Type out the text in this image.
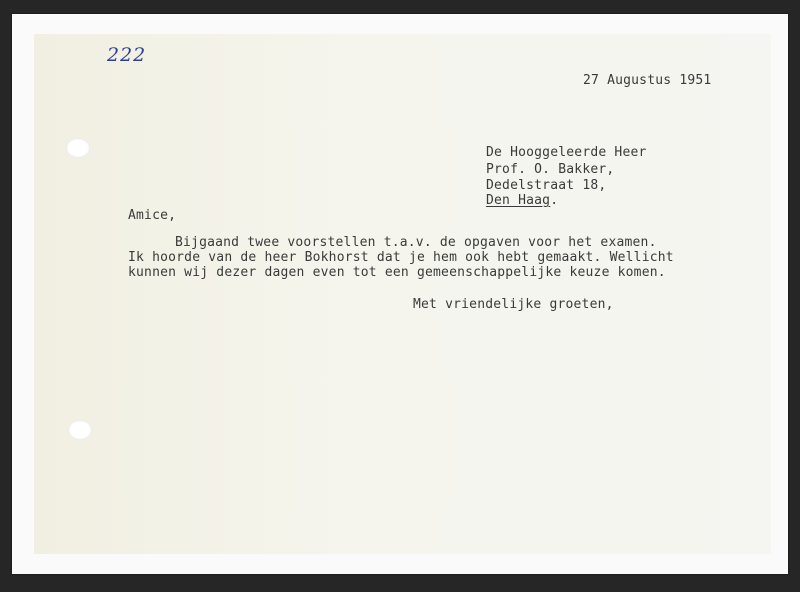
222
27 Augustus 1951
De Hooggeleerde Heer
Prof. O. Bakker,
Dedelstraat 18,
Den Haag.
Amice,
Bijgaand twee voorstellen t.a.v. de opgaven voor het examen.
Ik hoorde van de heer Bokhorst dat je hem ook hebt gemaakt. Wellicht
kunnen wij dezer dagen even tot een gemeenschappelijke keuze komen.
Met vriendelijke groeten,
